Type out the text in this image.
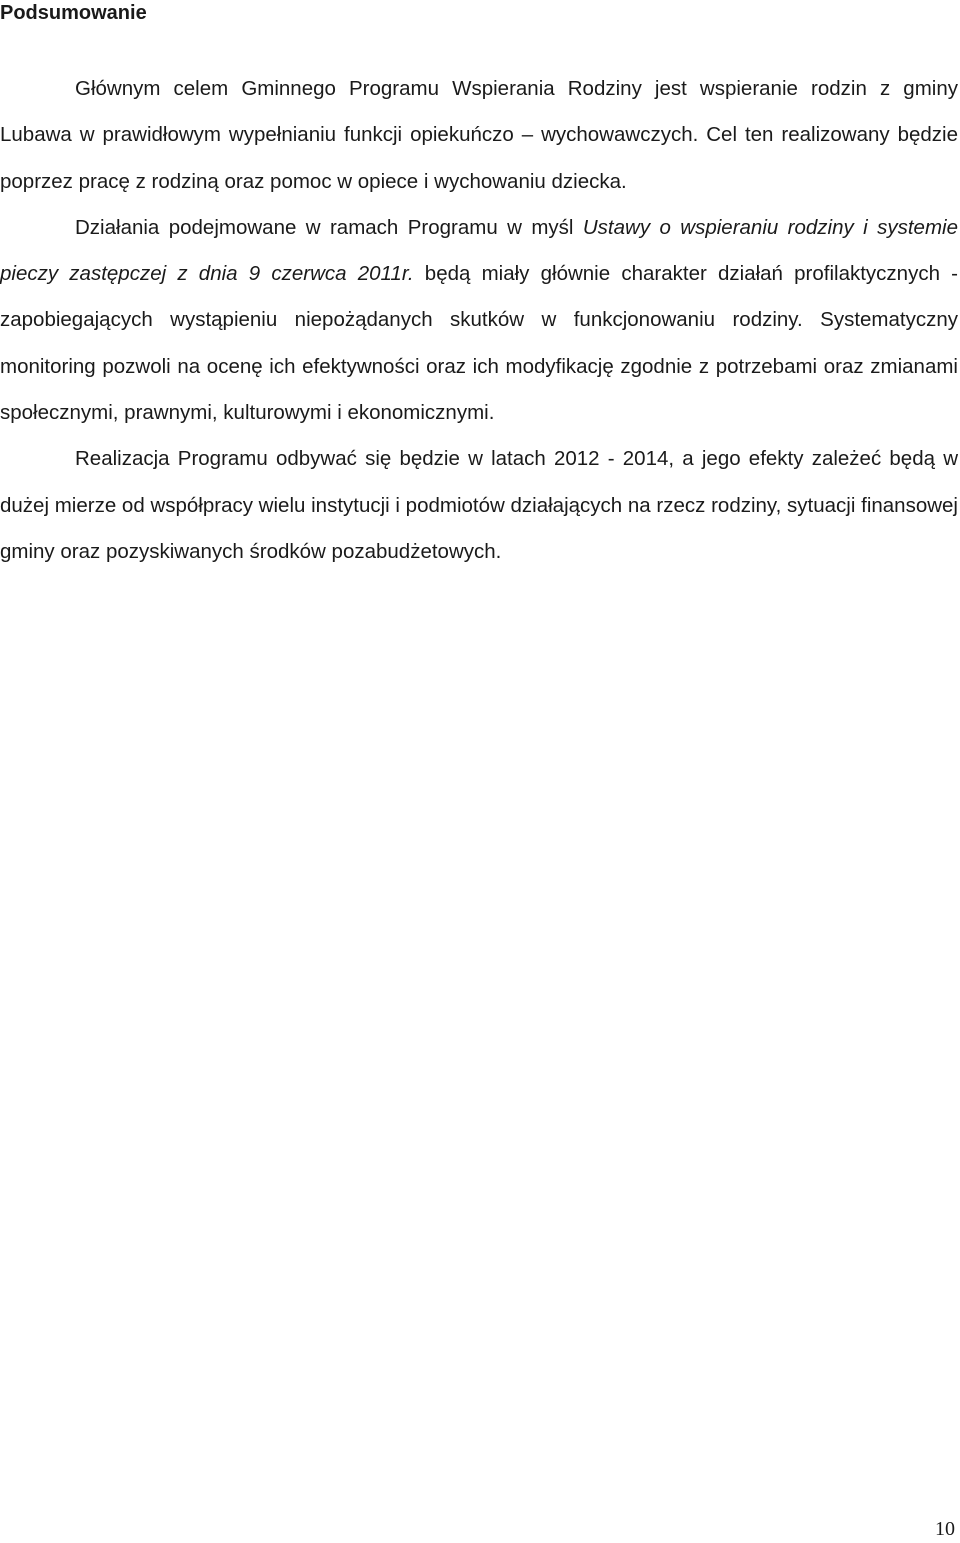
Podsumowanie

Głównym celem Gminnego Programu Wspierania Rodziny jest wspieranie rodzin z gminy Lubawa w prawidłowym wypełnianiu funkcji opiekuńczo – wychowawczych. Cel ten realizowany będzie poprzez pracę z rodziną oraz pomoc w opiece i wychowaniu dziecka.

Działania podejmowane w ramach Programu w myśl Ustawy o wspieraniu rodziny i systemie pieczy zastępczej z dnia 9 czerwca 2011r. będą miały głównie charakter działań profilaktycznych - zapobiegających wystąpieniu niepożądanych skutków w funkcjonowaniu rodziny. Systematyczny monitoring pozwoli na ocenę ich efektywności oraz ich modyfikację zgodnie z potrzebami oraz zmianami społecznymi, prawnymi, kulturowymi i ekonomicznymi.

Realizacja Programu odbywać się będzie w latach 2012 - 2014, a jego efekty zależeć będą w dużej mierze od współpracy wielu instytucji i podmiotów działających na rzecz rodziny, sytuacji finansowej gminy oraz pozyskiwanych środków pozabudżetowych.

10
